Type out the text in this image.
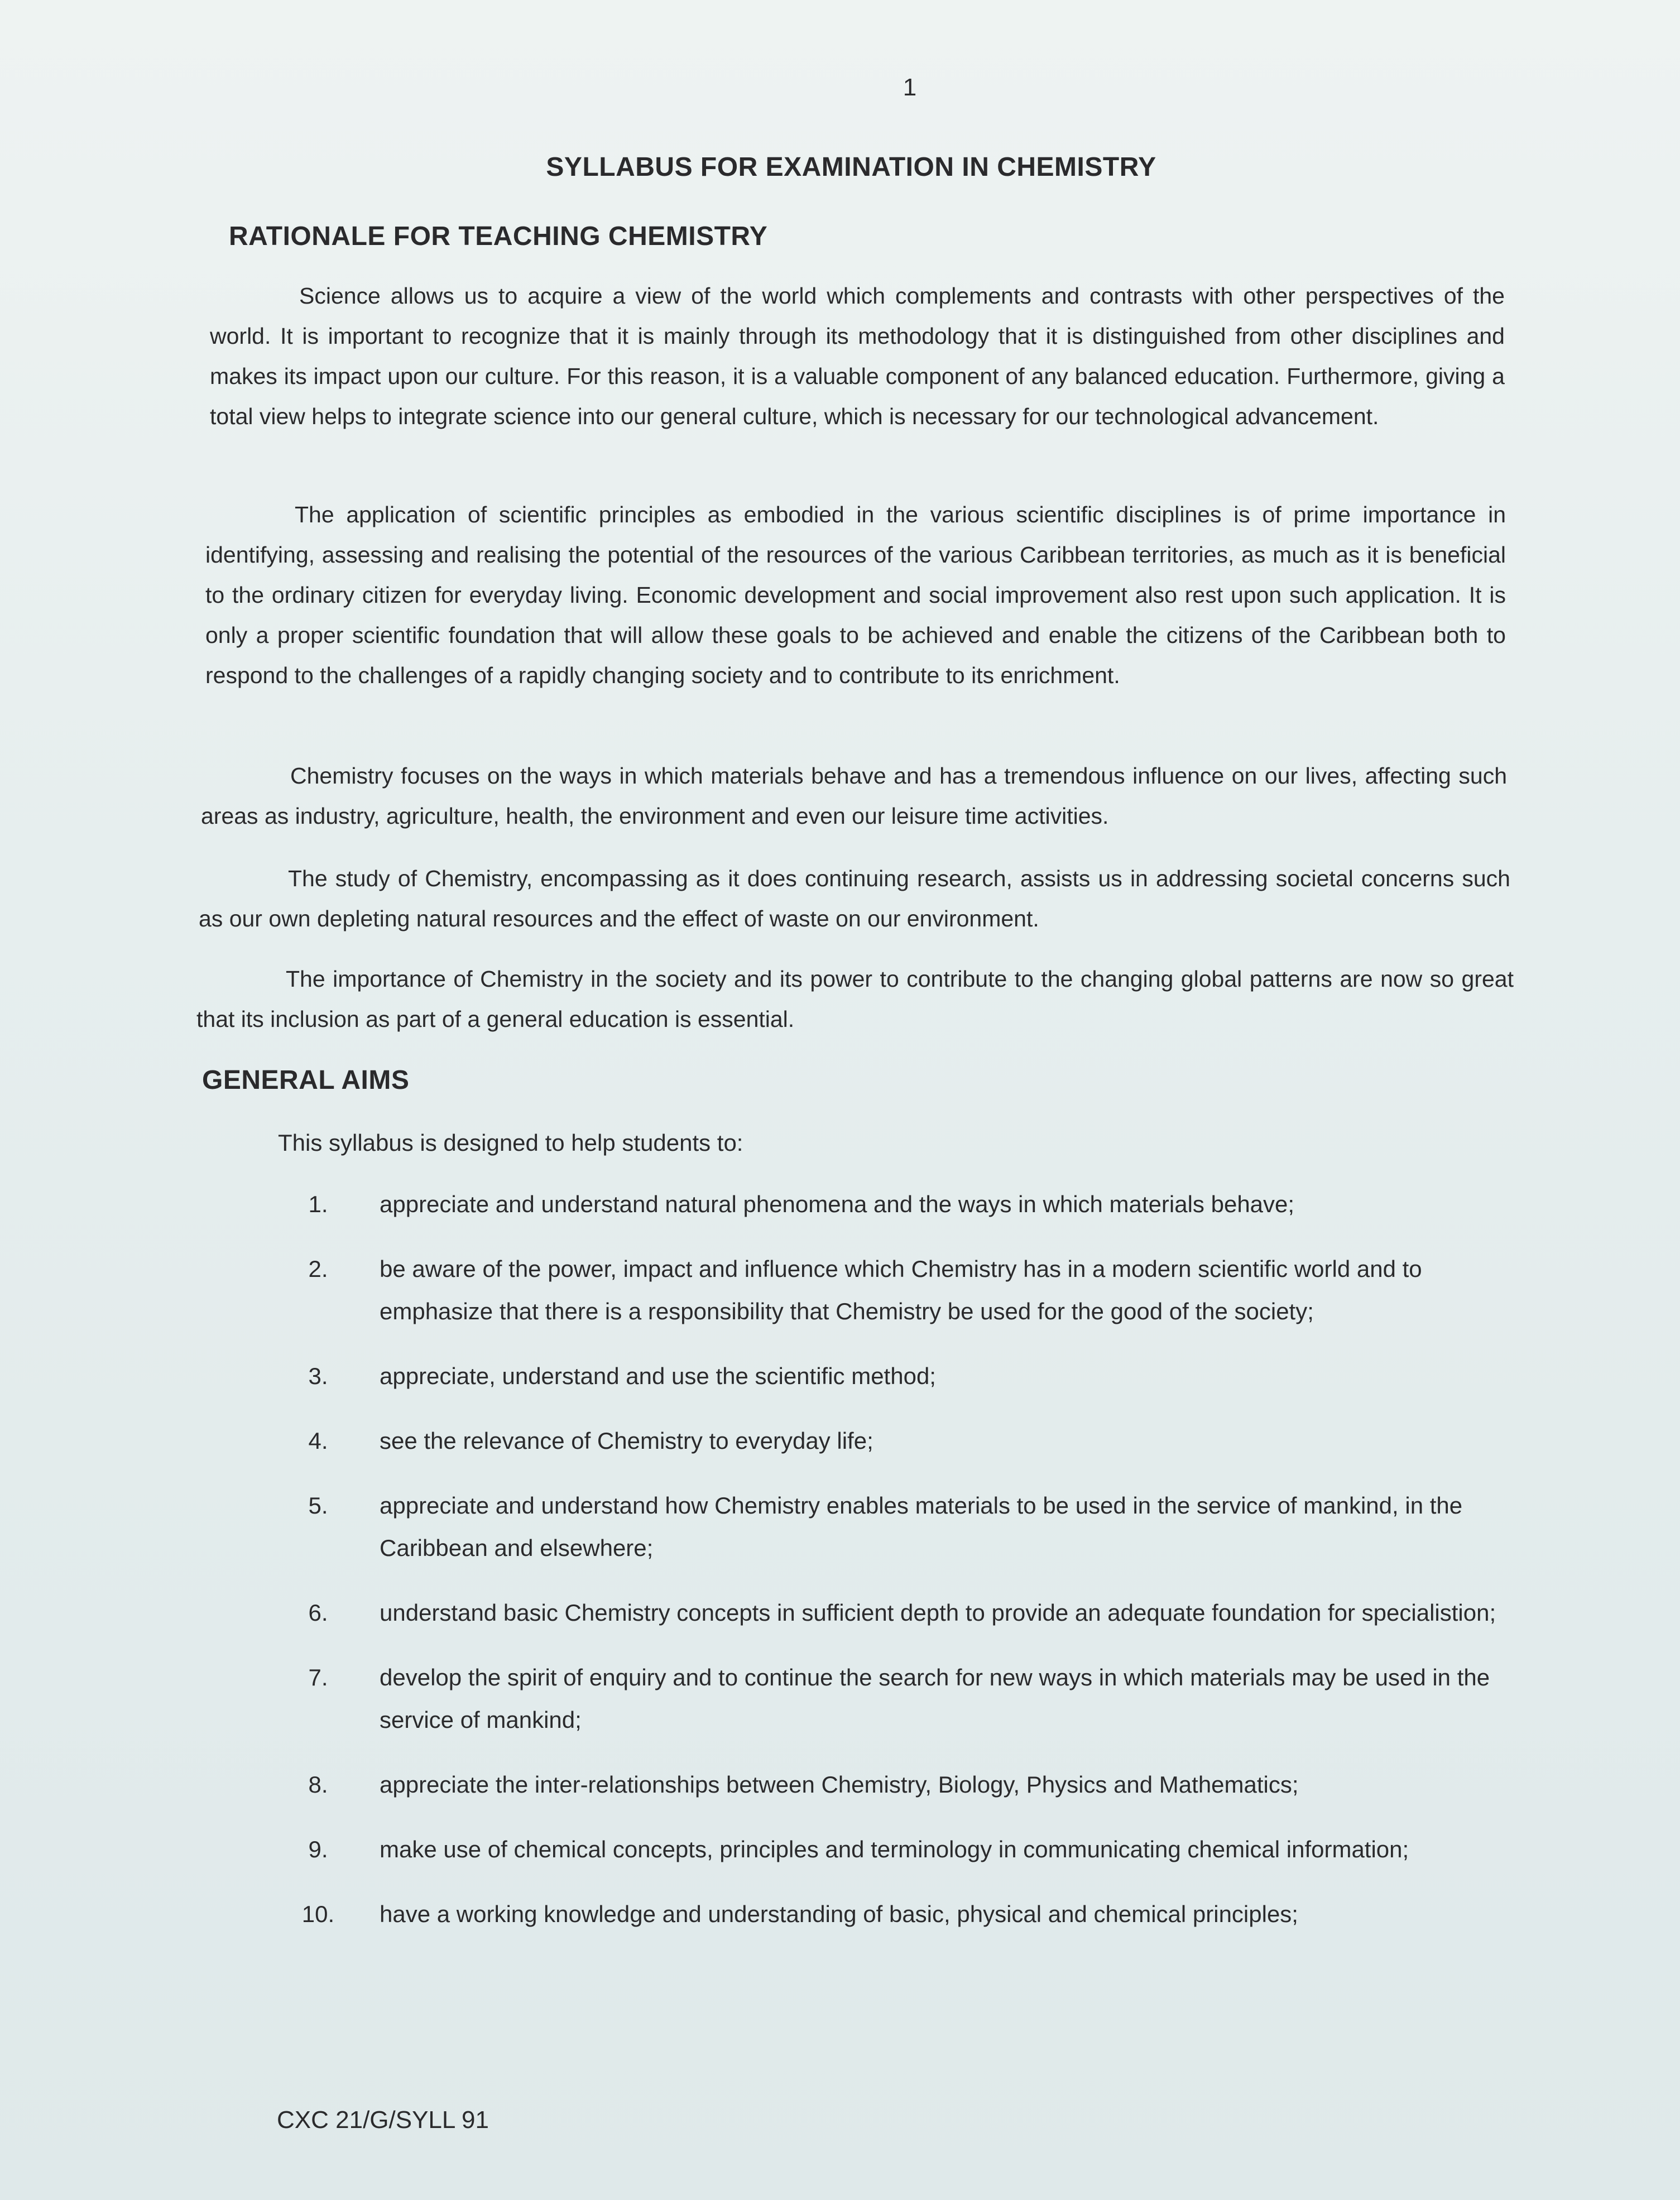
1
SYLLABUS FOR EXAMINATION IN CHEMISTRY
RATIONALE FOR TEACHING CHEMISTRY

Science allows us to acquire a view of the world which complements and contrasts with other perspectives of the world. It is important to recognize that it is mainly through its methodology that it is distinguished from other disciplines and makes its impact upon our culture. For this reason, it is a valuable component of any balanced education. Furthermore, giving a total view helps to integrate science into our general culture, which is necessary for our technological advancement.

The application of scientific principles as embodied in the various scientific disciplines is of prime importance in identifying, assessing and realising the potential of the resources of the various Caribbean territories, as much as it is beneficial to the ordinary citizen for everyday living. Economic development and social improvement also rest upon such application. It is only a proper scientific foundation that will allow these goals to be achieved and enable the citizens of the Caribbean both to respond to the challenges of a rapidly changing society and to contribute to its enrichment.

Chemistry focuses on the ways in which materials behave and has a tremendous influence on our lives, affecting such areas as industry, agriculture, health, the environment and even our leisure time activities.

The study of Chemistry, encompassing as it does continuing research, assists us in addressing societal concerns such as our own depleting natural resources and the effect of waste on our environment.

The importance of Chemistry in the society and its power to contribute to the changing global patterns are now so great that its inclusion as part of a general education is essential.

GENERAL AIMS
This syllabus is designed to help students to:
1.	appreciate and understand natural phenomena and the ways in which materials behave;
2.	be aware of the power, impact and influence which Chemistry has in a modern scientific world and to emphasize that there is a responsibility that Chemistry be used for the good of the society;
3.	appreciate, understand and use the scientific method;
4.	see the relevance of Chemistry to everyday life;
5.	appreciate and understand how Chemistry enables materials to be used in the service of mankind, in the Caribbean and elsewhere;
6.	understand basic Chemistry concepts in sufficient depth to provide an adequate foundation for specialistion;
7.	develop the spirit of enquiry and to continue the search for new ways in which materials may be used in the service of mankind;
8.	appreciate the inter-relationships between Chemistry, Biology, Physics and Mathematics;
9.	make use of chemical concepts, principles and terminology in communicating chemical information;
10.	have a working knowledge and understanding of basic, physical and chemical principles;
CXC 21/G/SYLL 91
